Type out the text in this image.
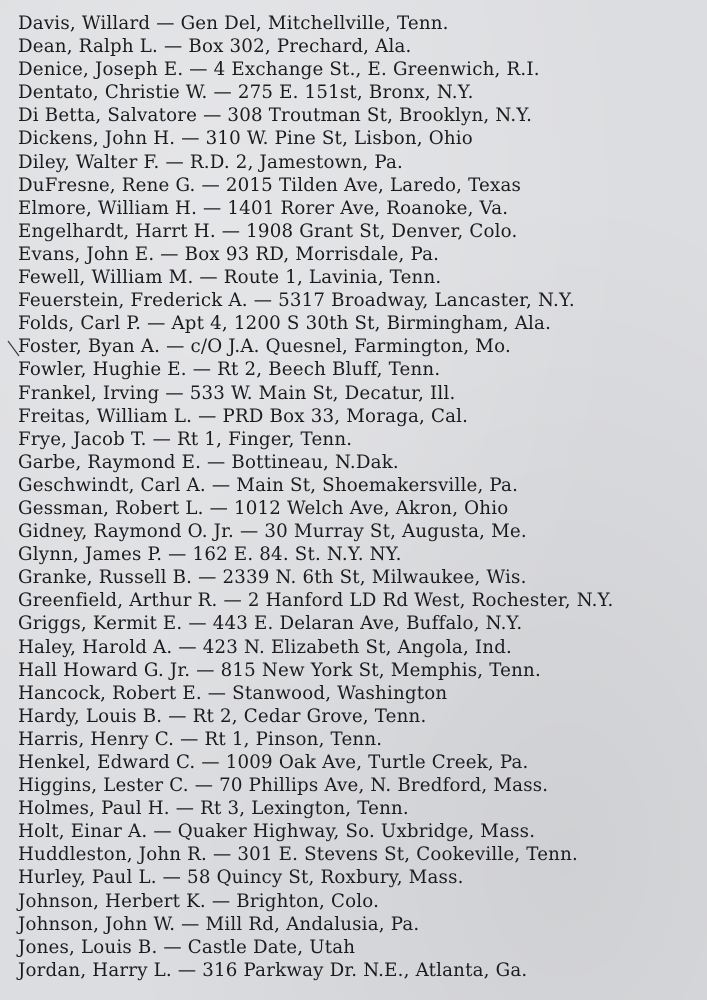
Davis, Willard — Gen Del, Mitchellville, Tenn.
Dean, Ralph L. — Box 302, Prechard, Ala.
Denice, Joseph E. — 4 Exchange St., E. Greenwich, R.I.
Dentato, Christie W. — 275 E. 151st, Bronx, N.Y.
Di Betta, Salvatore — 308 Troutman St, Brooklyn, N.Y.
Dickens, John H. — 310 W. Pine St, Lisbon, Ohio
Diley, Walter F. — R.D. 2, Jamestown, Pa.
DuFresne, Rene G. — 2015 Tilden Ave, Laredo, Texas
Elmore, William H. — 1401 Rorer Ave, Roanoke, Va.
Engelhardt, Harrt H. — 1908 Grant St, Denver, Colo.
Evans, John E. — Box 93 RD, Morrisdale, Pa.
Fewell, William M. — Route 1, Lavinia, Tenn.
Feuerstein, Frederick A. — 5317 Broadway, Lancaster, N.Y.
Folds, Carl P. — Apt 4, 1200 S 30th St, Birmingham, Ala.
Foster, Byan A. — c/O J.A. Quesnel, Farmington, Mo.
Fowler, Hughie E. — Rt 2, Beech Bluff, Tenn.
Frankel, Irving — 533 W. Main St, Decatur, Ill.
Freitas, William L. — PRD Box 33, Moraga, Cal.
Frye, Jacob T. — Rt 1, Finger, Tenn.
Garbe, Raymond E. — Bottineau, N.Dak.
Geschwindt, Carl A. — Main St, Shoemakersville, Pa.
Gessman, Robert L. — 1012 Welch Ave, Akron, Ohio
Gidney, Raymond O. Jr. — 30 Murray St, Augusta, Me.
Glynn, James P. — 162 E. 84. St. N.Y. NY.
Granke, Russell B. — 2339 N. 6th St, Milwaukee, Wis.
Greenfield, Arthur R. — 2 Hanford LD Rd West, Rochester, N.Y.
Griggs, Kermit E. — 443 E. Delaran Ave, Buffalo, N.Y.
Haley, Harold A. — 423 N. Elizabeth St, Angola, Ind.
Hall Howard G. Jr. — 815 New York St, Memphis, Tenn.
Hancock, Robert E. — Stanwood, Washington
Hardy, Louis B. — Rt 2, Cedar Grove, Tenn.
Harris, Henry C. — Rt 1, Pinson, Tenn.
Henkel, Edward C. — 1009 Oak Ave, Turtle Creek, Pa.
Higgins, Lester C. — 70 Phillips Ave, N. Bredford, Mass.
Holmes, Paul H. — Rt 3, Lexington, Tenn.
Holt, Einar A. — Quaker Highway, So. Uxbridge, Mass.
Huddleston, John R. — 301 E. Stevens St, Cookeville, Tenn.
Hurley, Paul L. — 58 Quincy St, Roxbury, Mass.
Johnson, Herbert K. — Brighton, Colo.
Johnson, John W. — Mill Rd, Andalusia, Pa.
Jones, Louis B. — Castle Date, Utah
Jordan, Harry L. — 316 Parkway Dr. N.E., Atlanta, Ga.
